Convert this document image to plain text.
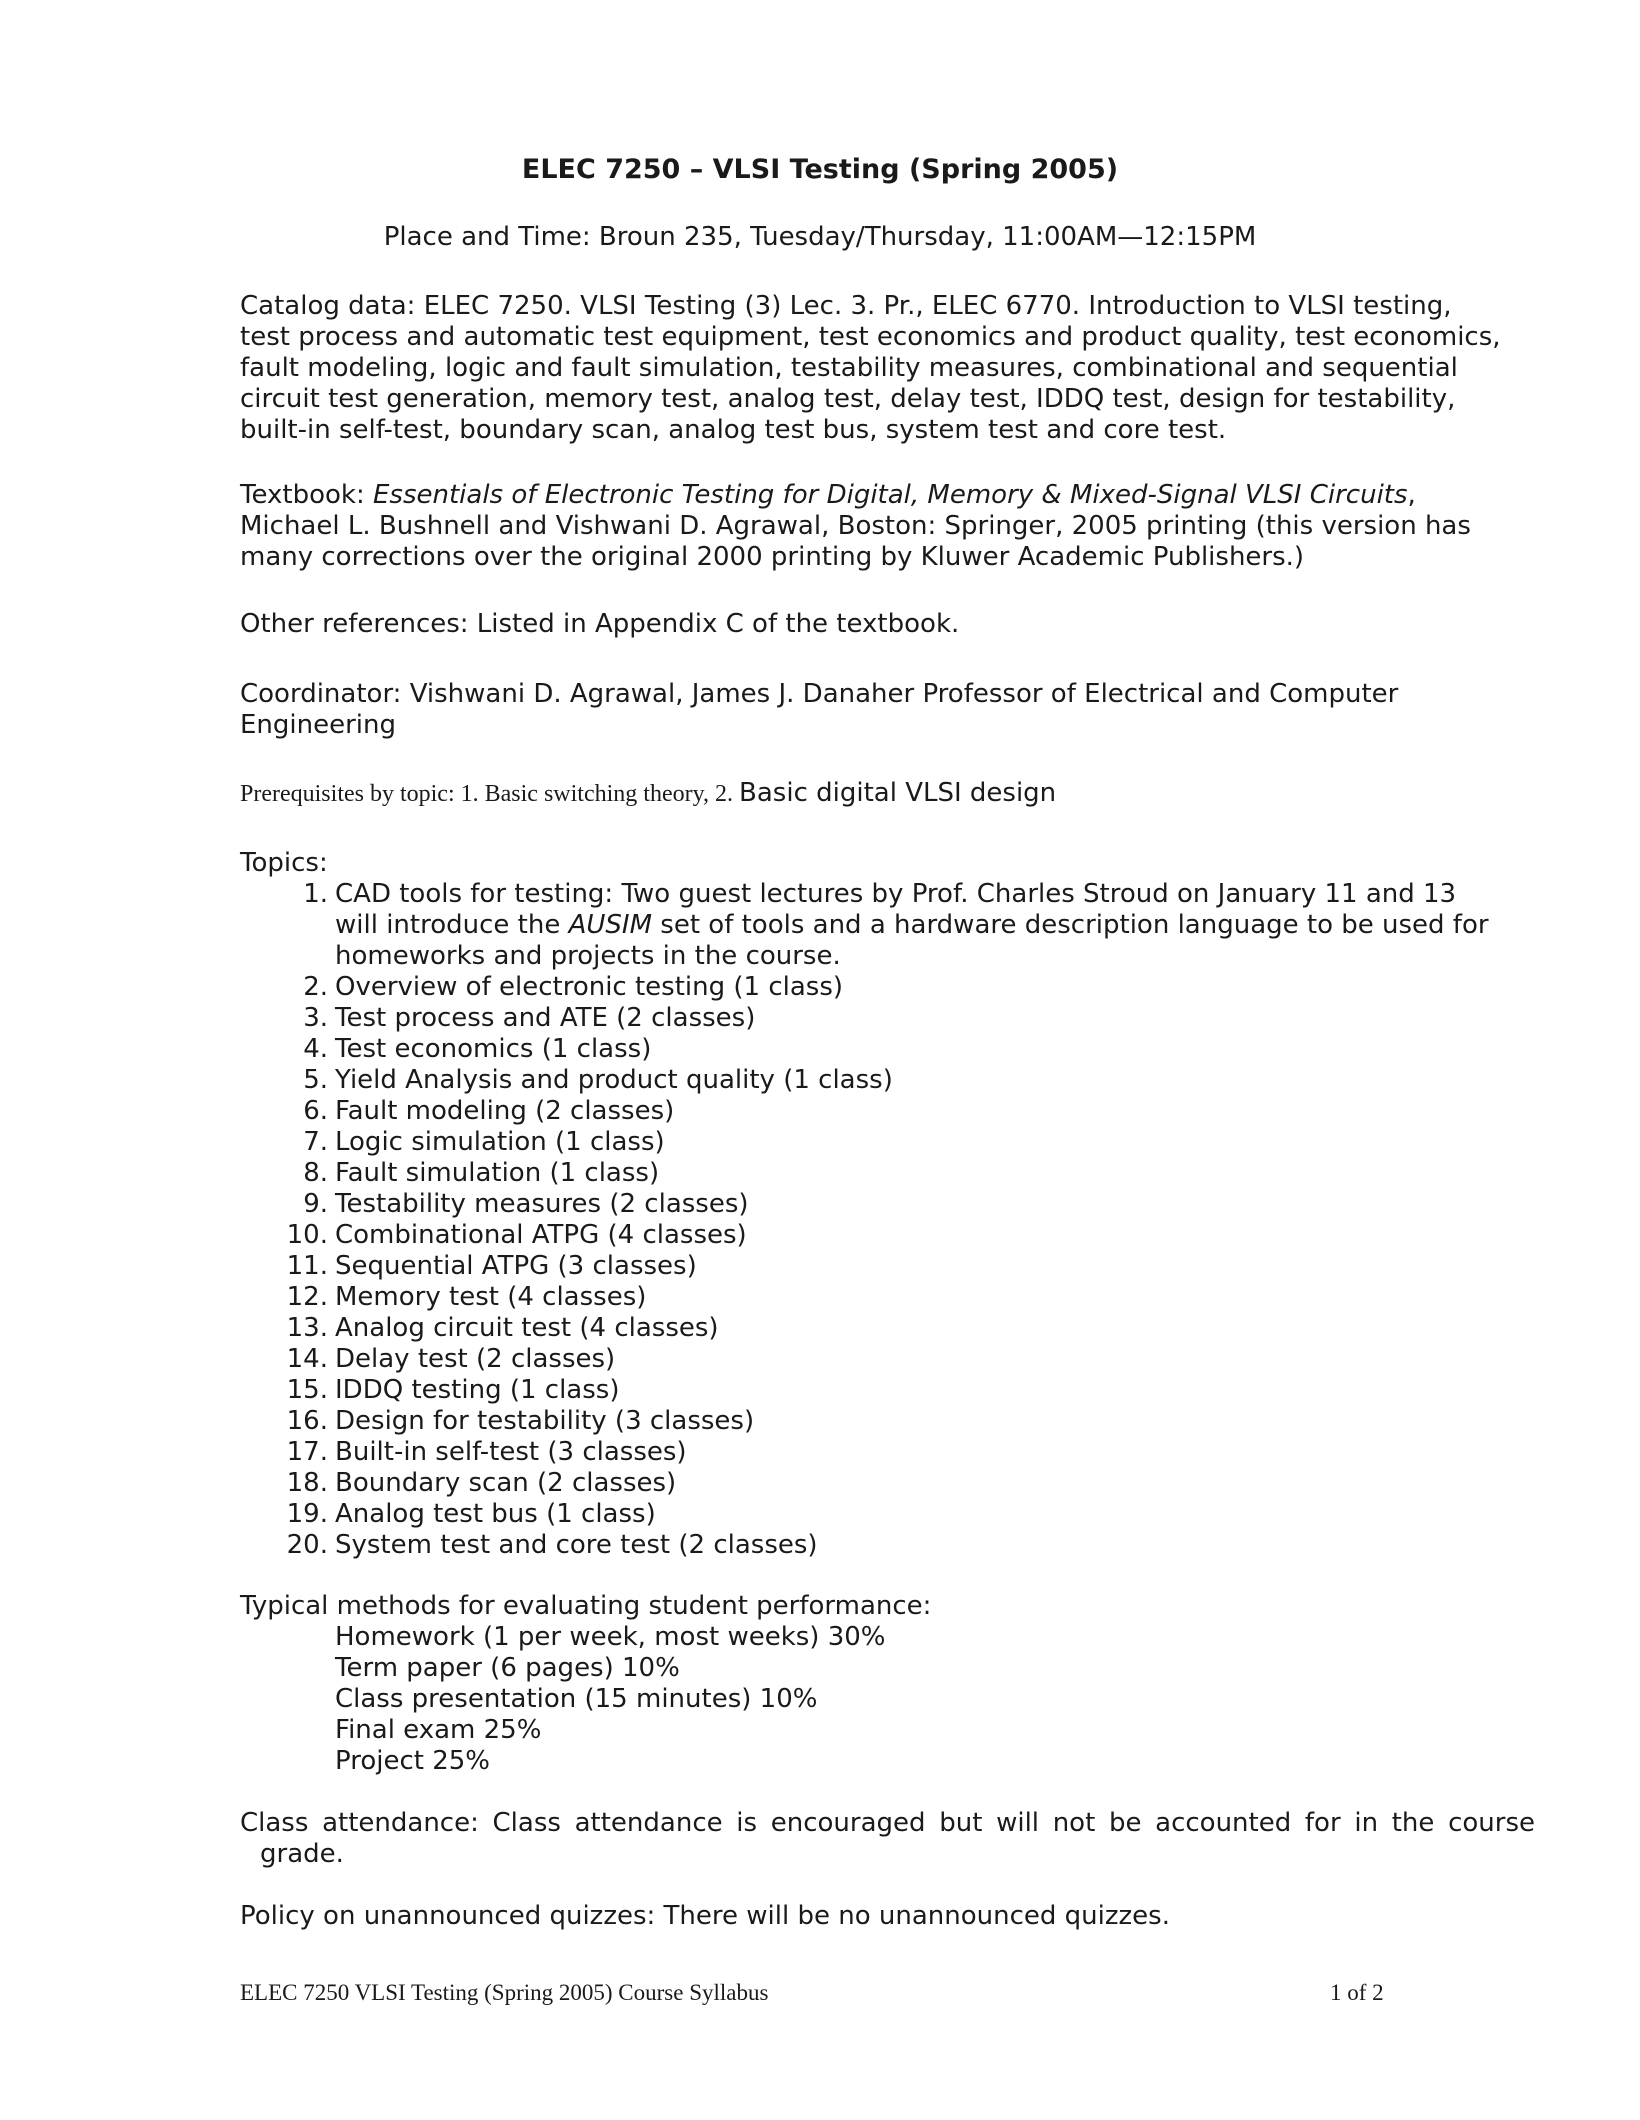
ELEC 7250 – VLSI Testing (Spring 2005)
Place and Time: Broun 235, Tuesday/Thursday, 11:00AM—12:15PM
Catalog data: ELEC 7250. VLSI Testing (3) Lec. 3. Pr., ELEC 6770. Introduction to VLSI testing,
test process and automatic test equipment, test economics and product quality, test economics,
fault modeling, logic and fault simulation, testability measures, combinational and sequential
circuit test generation, memory test, analog test, delay test, IDDQ test, design for testability,
built-in self-test, boundary scan, analog test bus, system test and core test.
Textbook: Essentials of Electronic Testing for Digital, Memory & Mixed-Signal VLSI Circuits,
Michael L. Bushnell and Vishwani D. Agrawal, Boston: Springer, 2005 printing (this version has
many corrections over the original 2000 printing by Kluwer Academic Publishers.)
Other references: Listed in Appendix C of the textbook.
Coordinator: Vishwani D. Agrawal, James J. Danaher Professor of Electrical and Computer
Engineering
Prerequisites by topic: 1. Basic switching theory, 2. Basic digital VLSI design
Topics:
1. CAD tools for testing: Two guest lectures by Prof. Charles Stroud on January 11 and 13
will introduce the AUSIM set of tools and a hardware description language to be used for
homeworks and projects in the course.
2. Overview of electronic testing (1 class)
3. Test process and ATE (2 classes)
4. Test economics (1 class)
5. Yield Analysis and product quality (1 class)
6. Fault modeling (2 classes)
7. Logic simulation (1 class)
8. Fault simulation (1 class)
9. Testability measures (2 classes)
10. Combinational ATPG (4 classes)
11. Sequential ATPG (3 classes)
12. Memory test (4 classes)
13. Analog circuit test (4 classes)
14. Delay test (2 classes)
15. IDDQ testing (1 class)
16. Design for testability (3 classes)
17. Built-in self-test (3 classes)
18. Boundary scan (2 classes)
19. Analog test bus (1 class)
20. System test and core test (2 classes)
Typical methods for evaluating student performance:
Homework (1 per week, most weeks) 30%
Term paper (6 pages) 10%
Class presentation (15 minutes) 10%
Final exam 25%
Project 25%
Class attendance: Class attendance is encouraged but will not be accounted for in the course
grade.
Policy on unannounced quizzes: There will be no unannounced quizzes.
ELEC 7250 VLSI Testing (Spring 2005) Course Syllabus	1 of 2
